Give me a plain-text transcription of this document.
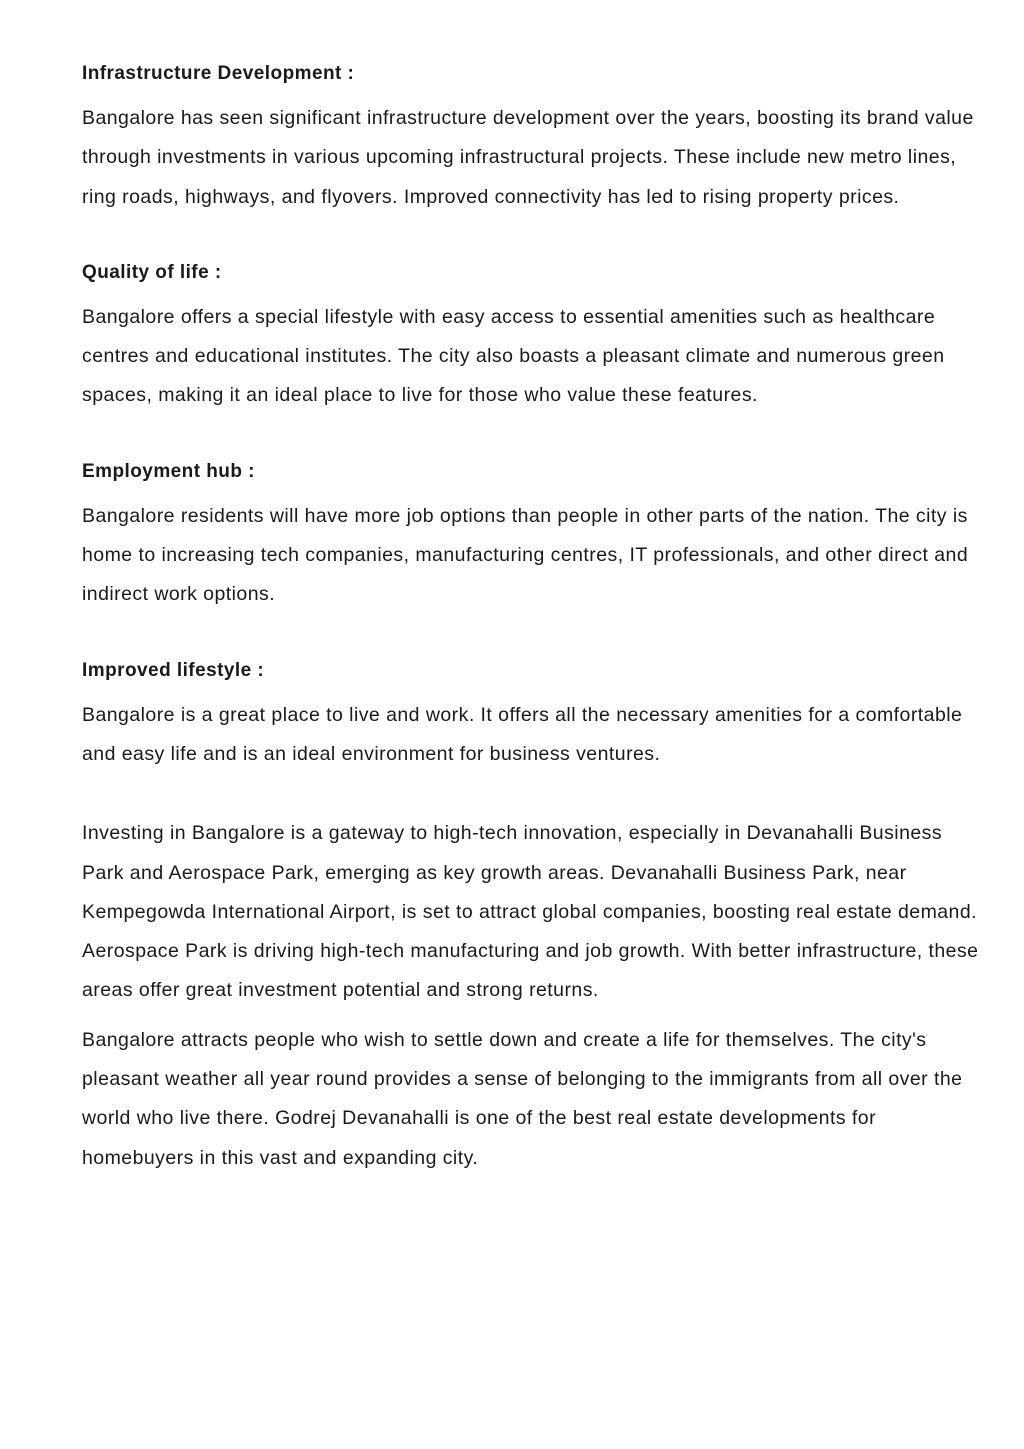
Infrastructure Development :

Bangalore has seen significant infrastructure development over the years, boosting its brand value through investments in various upcoming infrastructural projects. These include new metro lines, ring roads, highways, and flyovers. Improved connectivity has led to rising property prices.

Quality of life :

Bangalore offers a special lifestyle with easy access to essential amenities such as healthcare centres and educational institutes. The city also boasts a pleasant climate and numerous green spaces, making it an ideal place to live for those who value these features.

Employment hub :

Bangalore residents will have more job options than people in other parts of the nation. The city is home to increasing tech companies, manufacturing centres, IT professionals, and other direct and indirect work options.

Improved lifestyle :

Bangalore is a great place to live and work. It offers all the necessary amenities for a comfortable and easy life and is an ideal environment for business ventures.

Investing in Bangalore is a gateway to high-tech innovation, especially in Devanahalli Business Park and Aerospace Park, emerging as key growth areas. Devanahalli Business Park, near Kempegowda International Airport, is set to attract global companies, boosting real estate demand. Aerospace Park is driving high-tech manufacturing and job growth. With better infrastructure, these areas offer great investment potential and strong returns.

Bangalore attracts people who wish to settle down and create a life for themselves. The city's pleasant weather all year round provides a sense of belonging to the immigrants from all over the world who live there. Godrej Devanahalli is one of the best real estate developments for homebuyers in this vast and expanding city.
